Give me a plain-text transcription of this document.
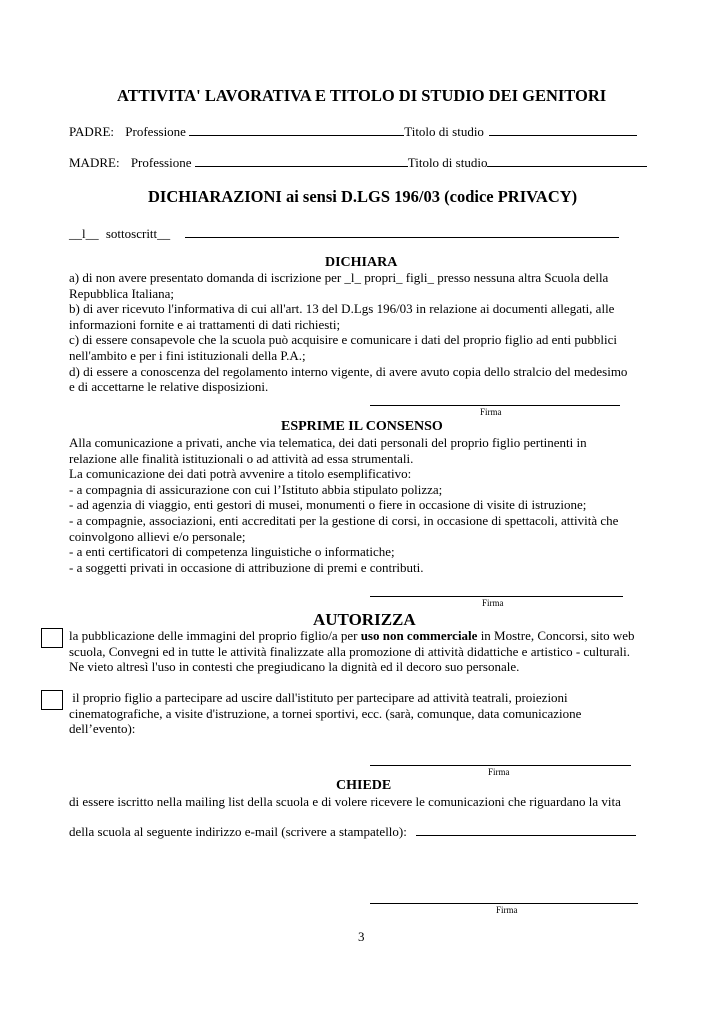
ATTIVITA' LAVORATIVA E TITOLO DI STUDIO DEI GENITORI
PADRE: Professione	Titolo di studio
MADRE: Professione	Titolo di studio
DICHIARAZIONI ai sensi D.LGS 196/03 (codice PRIVACY)
__l__ sottoscritt__
DICHIARA
a) di non avere presentato domanda di iscrizione per _l_ propri_ figli_ presso nessuna altra Scuola della
Repubblica Italiana;
b) di aver ricevuto l'informativa di cui all'art. 13 del D.Lgs 196/03 in relazione ai documenti allegati, alle
informazioni fornite e ai trattamenti di dati richiesti;
c) di essere consapevole che la scuola può acquisire e comunicare i dati del proprio figlio ad enti pubblici
nell'ambito e per i fini istituzionali della P.A.;
d) di essere a conoscenza del regolamento interno vigente, di avere avuto copia dello stralcio del medesimo
e di accettarne le relative disposizioni.
Firma
ESPRIME IL CONSENSO
Alla comunicazione a privati, anche via telematica, dei dati personali del proprio figlio pertinenti in
relazione alle finalità istituzionali o ad attività ad essa strumentali.
La comunicazione dei dati potrà avvenire a titolo esemplificativo:
- a compagnia di assicurazione con cui l’Istituto abbia stipulato polizza;
- ad agenzia di viaggio, enti gestori di musei, monumenti o fiere in occasione di visite di istruzione;
- a compagnie, associazioni, enti accreditati per la gestione di corsi, in occasione di spettacoli, attività che
coinvolgono allievi e/o personale;
- a enti certificatori di competenza linguistiche o informatiche;
- a soggetti privati in occasione di attribuzione di premi e contributi.
Firma
AUTORIZZA
la pubblicazione delle immagini del proprio figlio/a per uso non commerciale in Mostre, Concorsi, sito web
scuola, Convegni ed in tutte le attività finalizzate alla promozione di attività didattiche e artistico - culturali.
Ne vieto altresì l'uso in contesti che pregiudicano la dignità ed il decoro suo personale.
il proprio figlio a partecipare ad uscire dall'istituto per partecipare ad attività teatrali, proiezioni
cinematografiche, a visite d'istruzione, a tornei sportivi, ecc. (sarà, comunque, data comunicazione
dell’evento):
Firma
CHIEDE
di essere iscritto nella mailing list della scuola e di volere ricevere le comunicazioni che riguardano la vita
della scuola al seguente indirizzo e-mail (scrivere a stampatello):
Firma
3
